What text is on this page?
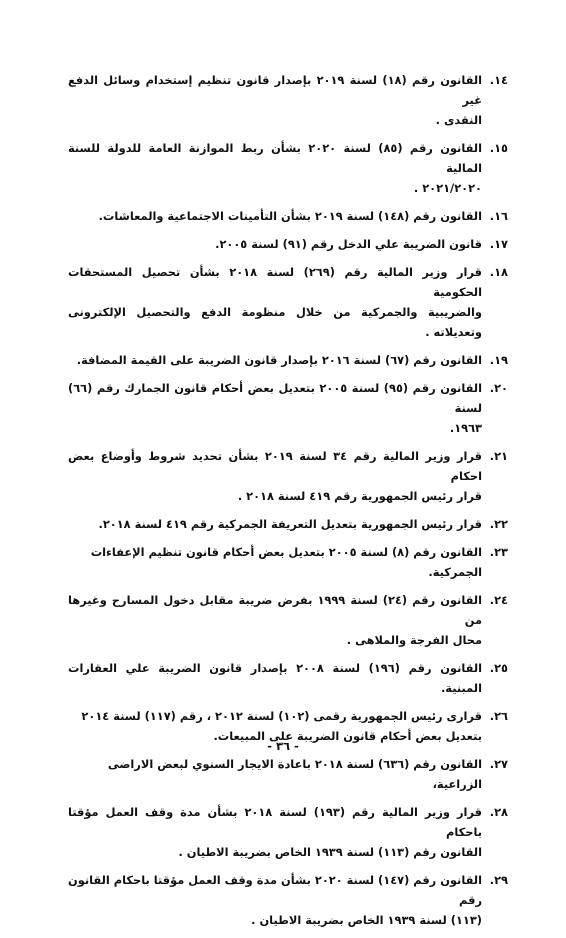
١٤.
القانون رقم (١٨) لسنة ٢٠١٩ بإصدار قانون تنظيم إستخدام وسائل الدفع غير
النقدى .
١٥.
القانون رقم (٨٥) لسنة ٢٠٢٠ بشأن ربط الموازنة العامة للدولة للسنة المالية
٢٠٢١/٢٠٢٠ .
١٦.
القانون رقم (١٤٨) لسنة ٢٠١٩ بشأن التأمينات الاجتماعية والمعاشات.
١٧.
قانون الضريبة علي الدخل رقم (٩١) لسنة ٢٠٠٥.
١٨.
قرار وزير المالية رقم (٢٦٩) لسنة ٢٠١٨ بشأن تحصيل المستحقات الحكومية
والضريبية والجمركية من خلال منظومة الدفع والتحصيل الإلكترونى وتعديلاته .
١٩.
القانون رقم (٦٧) لسنة ٢٠١٦ بإصدار قانون الضريبة على القيمة المضافة.
٢٠.
القانون رقم (٩٥) لسنة ٢٠٠٥ بتعديل بعض أحكام قانون الجمارك رقم (٦٦) لسنة
١٩٦٣.
٢١.
قرار وزير المالية رقم ٣٤ لسنة ٢٠١٩ بشأن تحديد شروط وأوضاع بعض احكام
قرار رئيس الجمهورية رقم ٤١٩ لسنة ٢٠١٨ .
٢٢.
قرار رئيس الجمهورية بتعديل التعريفة الجمركية رقم ٤١٩ لسنة ٢٠١٨.
٢٣.
القانون رقم (٨) لسنة ٢٠٠٥ بتعديل بعض أحكام قانون تنظيم الإعفاءات
الجمركية.
٢٤.
القانون رقم (٢٤) لسنة ١٩٩٩ بفرض ضريبة مقابل دخول المسارح وغيرها من
محال الفرجة والملاهى .
٢٥.
القانون رقم (١٩٦) لسنة ٢٠٠٨ بإصدار قانون الضريبة علي العقارات المبنية.
٢٦.
قرارى رئيس الجمهورية رقمى (١٠٢) لسنة ٢٠١٢ ، رقم (١١٧) لسنة ٢٠١٤
بتعديل بعض أحكام قانون الضريبة على المبيعات.
٢٧.
القانون رقم (٦٣٦) لسنة ٢٠١٨ باعادة الايجار السنوي لبعض الاراضى
الزراعية،
٢٨.
قرار وزير المالية رقم (١٩٣) لسنة ٢٠١٨ بشأن مدة وقف العمل مؤقتا باحكام
القانون رقم (١١٣) لسنة ١٩٣٩ الخاص بضريبة الاطيان .
٢٩.
القانون رقم (١٤٧) لسنة ٢٠٢٠ بشأن مدة وقف العمل مؤقتا باحكام القانون رقم
(١١٣) لسنة ١٩٣٩ الخاص بضريبة الاطيان .
- ٣٦ -
